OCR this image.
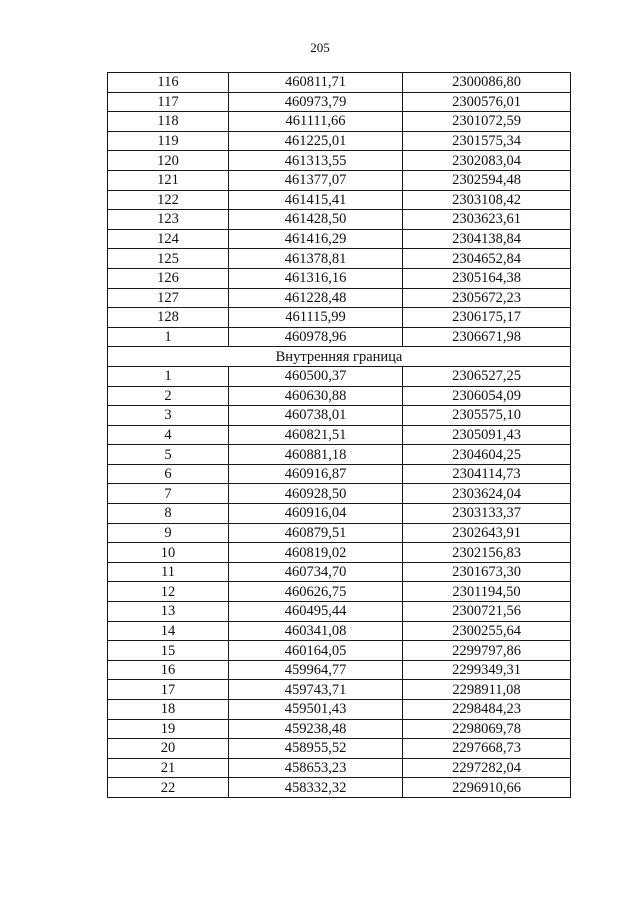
205
116	460811,71	2300086,80
117	460973,79	2300576,01
118	461111,66	2301072,59
119	461225,01	2301575,34
120	461313,55	2302083,04
121	461377,07	2302594,48
122	461415,41	2303108,42
123	461428,50	2303623,61
124	461416,29	2304138,84
125	461378,81	2304652,84
126	461316,16	2305164,38
127	461228,48	2305672,23
128	461115,99	2306175,17
1	460978,96	2306671,98
Внутренняя граница		
1	460500,37	2306527,25
2	460630,88	2306054,09
3	460738,01	2305575,10
4	460821,51	2305091,43
5	460881,18	2304604,25
6	460916,87	2304114,73
7	460928,50	2303624,04
8	460916,04	2303133,37
9	460879,51	2302643,91
10	460819,02	2302156,83
11	460734,70	2301673,30
12	460626,75	2301194,50
13	460495,44	2300721,56
14	460341,08	2300255,64
15	460164,05	2299797,86
16	459964,77	2299349,31
17	459743,71	2298911,08
18	459501,43	2298484,23
19	459238,48	2298069,78
20	458955,52	2297668,73
21	458653,23	2297282,04
22	458332,32	2296910,66
